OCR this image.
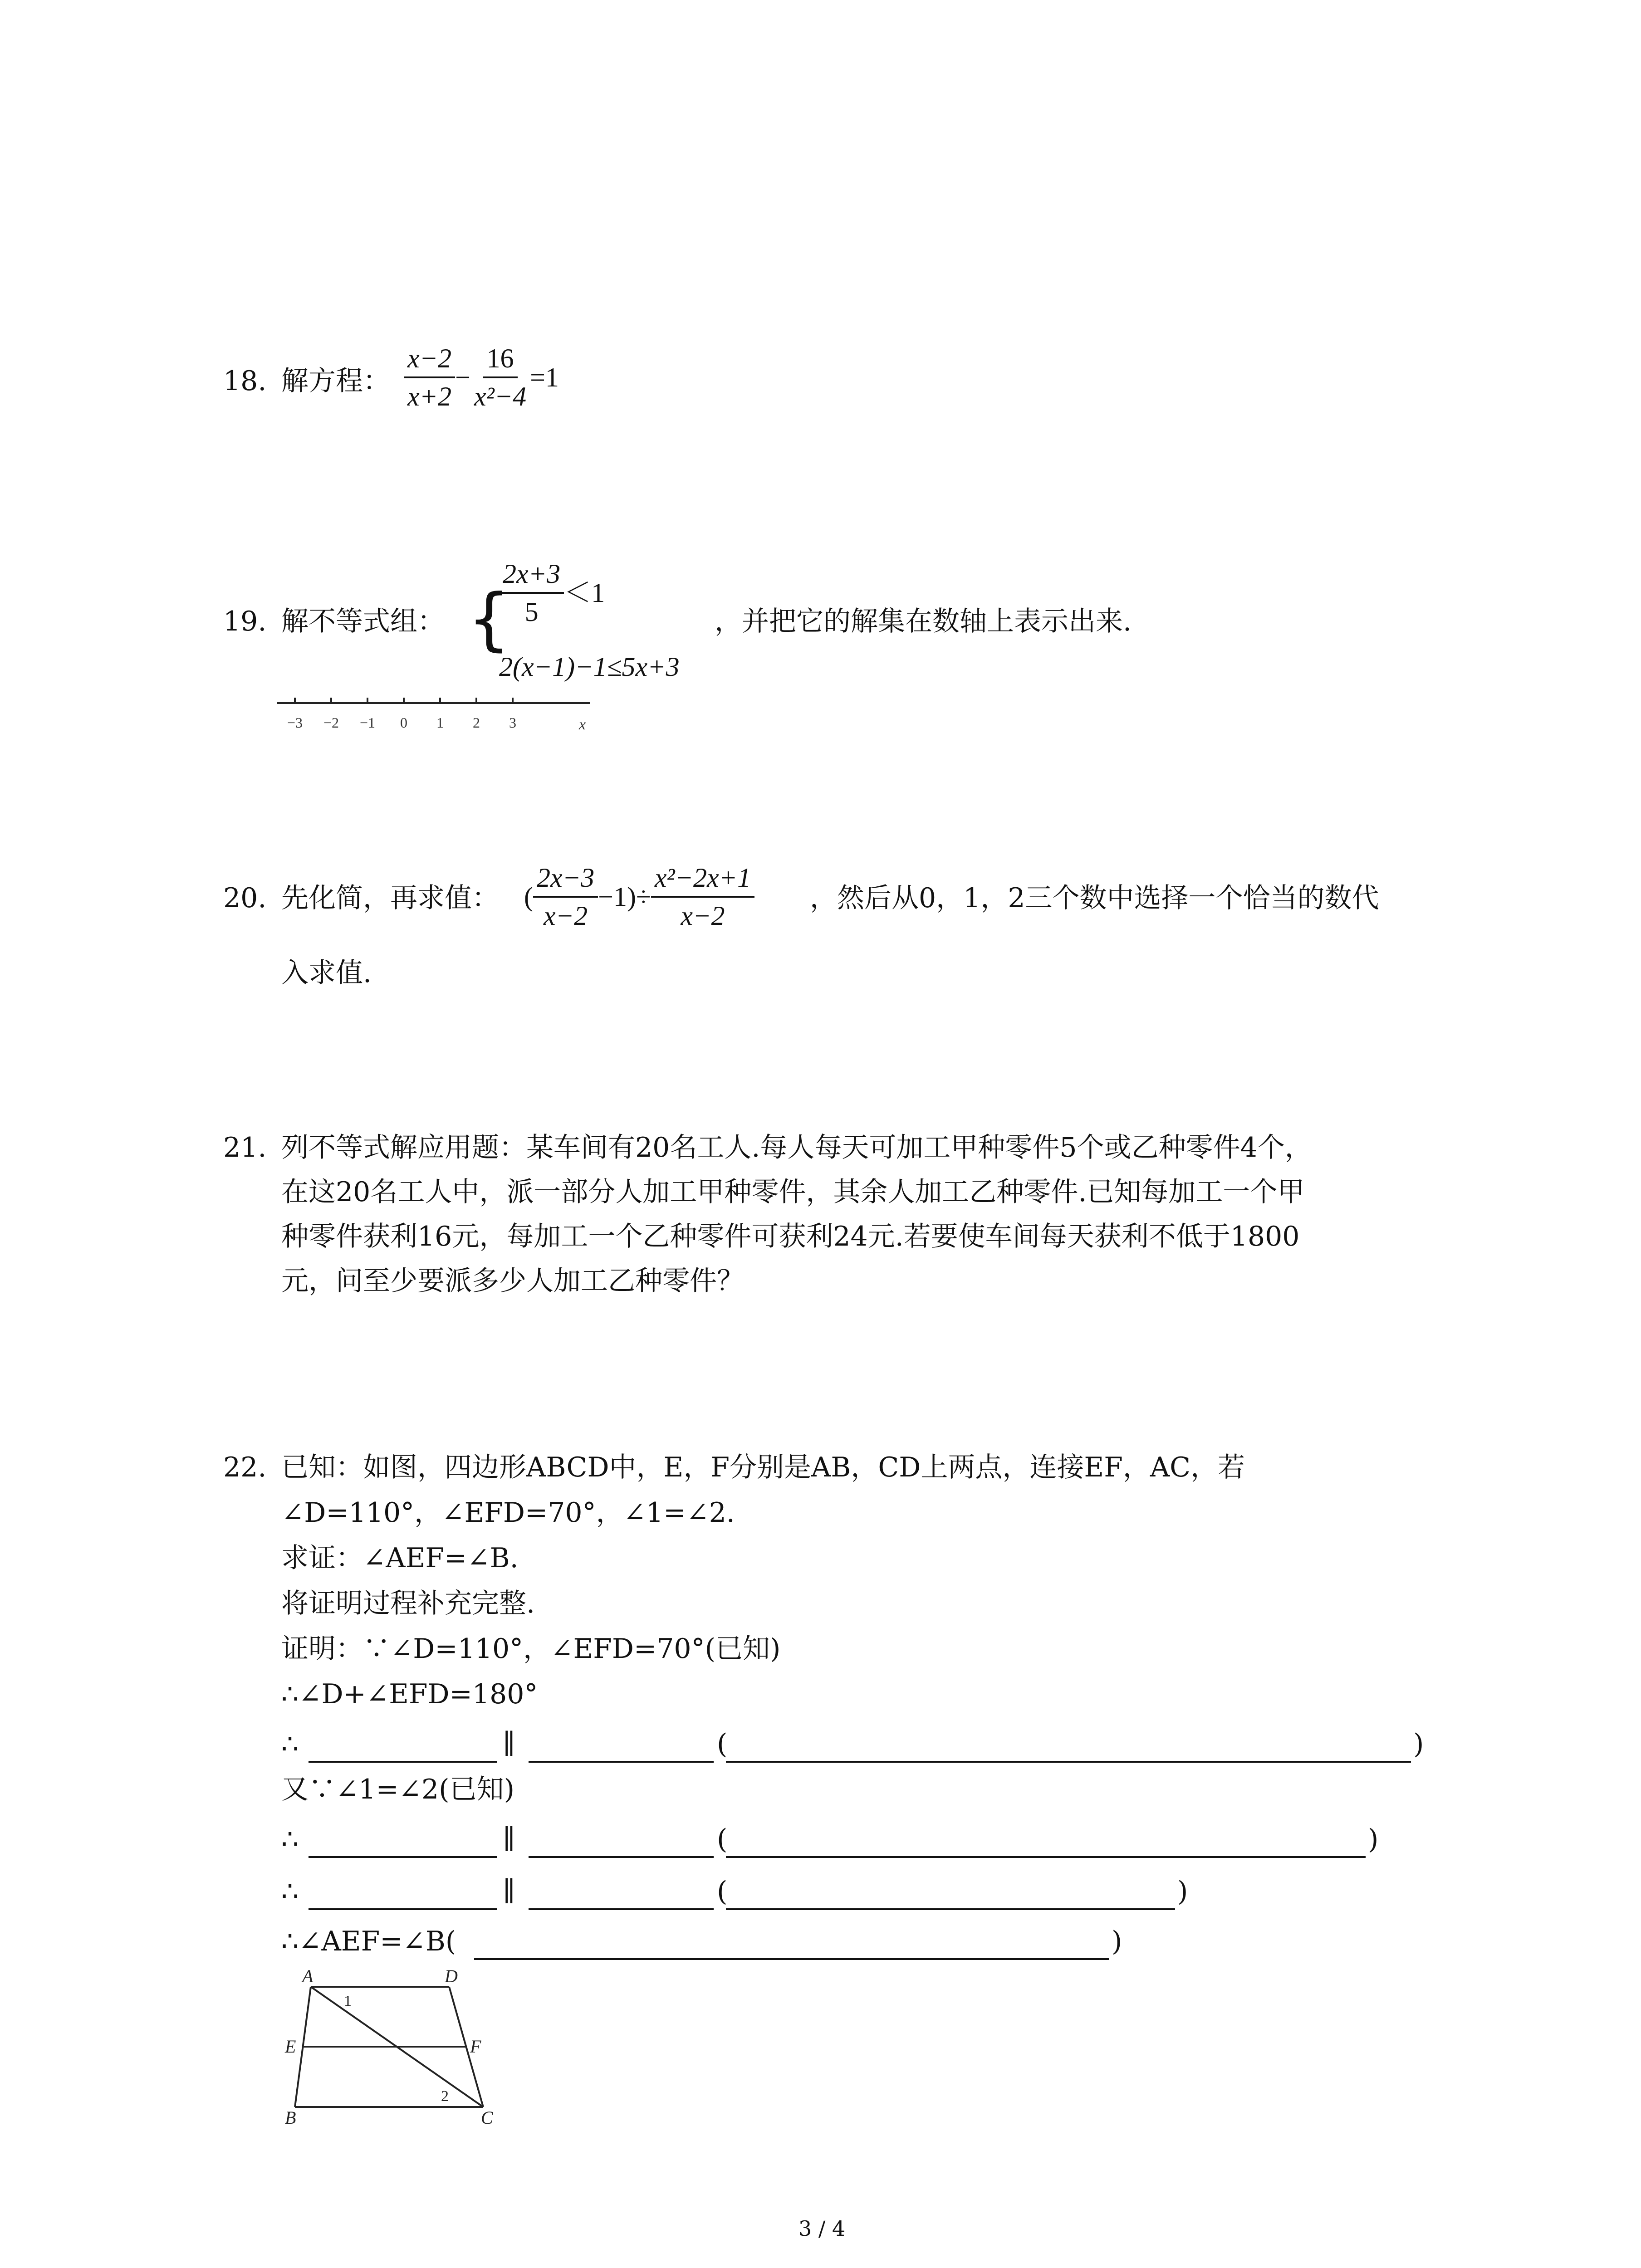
18. 解方程： $\frac{x-2}{x+2} - \frac{16}{\text{x²−4}} =1$
19. 解不等式组： {
$\frac{2x+3}{5} <1$
2(x−1)−1≤5x+3
，并把它的解集在数轴上表示出来.
−3 −2 −1 0 1 2 3	x
20. 先化简，再求值： ( $\frac{2x-3}{x-2} -1)\div \frac{\text{x²−2x+1}}{x-2}$ ，然后从0，1，2三个数中选择一个恰当的数代
入求值.
21. 列不等式解应用题：某车间有20名工人.每人每天可加工甲种零件5个或乙种零件4个，
在这20名工人中，派一部分人加工甲种零件，其余人加工乙种零件.已知每加工一个甲
种零件获利16元，每加工一个乙种零件可获利24元.若要使车间每天获利不低于1800
元，问至少要派多少人加工乙种零件？
22. 已知：如图，四边形ABCD中，E，F分别是AB，CD上两点，连接EF，AC，若
∠D=110°，∠EFD=70°，∠1=∠2.
求证：∠AEF=∠B.
将证明过程补充完整.
证明：∵∠D=110°，∠EFD=70°(已知)
∴∠D+∠EFD=180°
∴	∥	(	)
又∵∠1=∠2(已知)
∴	∥	(	)
∴	∥	(	)
∴∠AEF=∠B(	)
A	D
E	F
B	C
1
2
3 / 4
